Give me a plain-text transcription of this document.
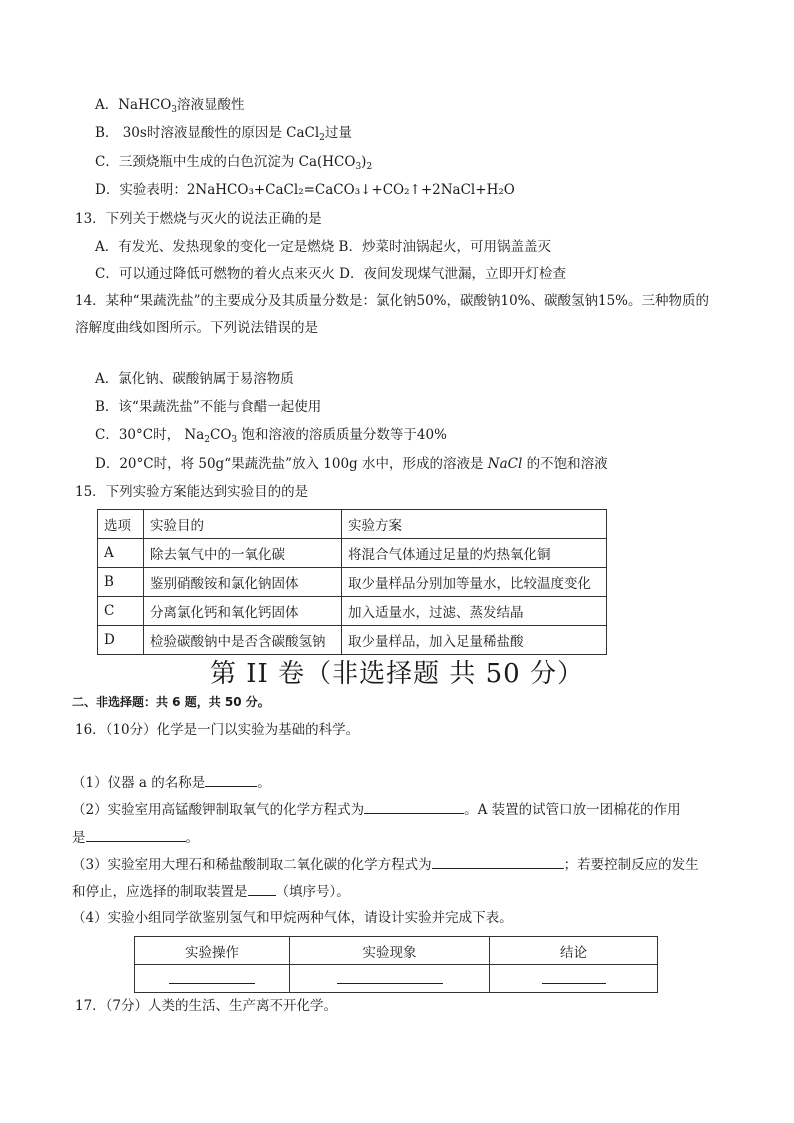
A．NaHCO$_3$溶液显酸性
B． 30s时溶液显酸性的原因是 CaCl$_2$过量
C．三颈烧瓶中生成的白色沉淀为 $Ca(HCO_3)_2$
D．实验表明：2NaHCO₃+CaCl₂=CaCO₃↓+CO₂↑+2NaCl+H₂O
13．下列关于燃烧与灭火的说法正确的是
A．有发光、发热现象的变化一定是燃烧 B．炒菜时油锅起火，可用锅盖盖灭
C．可以通过降低可燃物的着火点来灭火 D．夜间发现煤气泄漏，立即开灯检查
14．某种“果蔬洗盐”的主要成分及其质量分数是：氯化钠50%，碳酸钠10%、碳酸氢钠15%。三种物质的
溶解度曲线如图所示。下列说法错误的是
A．氯化钠、碳酸钠属于易溶物质
B．该“果蔬洗盐”不能与食醋一起使用
C．30°C时， $Na_2CO_3$ 饱和溶液的溶质质量分数等于40%
D．20°C时，将 50g“果蔬洗盐”放入 100g 水中，形成的溶液是 NaCl 的不饱和溶液
15．下列实验方案能达到实验目的的是
选项	实验目的	实验方案
A	除去氧气中的一氧化碳	将混合气体通过足量的灼热氧化铜
B	鉴别硝酸铵和氯化钠固体	取少量样品分别加等量水，比较温度变化
C	分离氯化钙和氧化钙固体	加入适量水，过滤、蒸发结晶
D	检验碳酸钠中是否含碳酸氢钠	取少量样品，加入足量稀盐酸
第 II 卷（非选择题 共 50 分）
二、非选择题：共 6 题，共 50 分。
16．（10分）化学是一门以实验为基础的科学。
（1）仪器 a 的名称是	。
（2）实验室用高锰酸钾制取氧气的化学方程式为	。A 装置的试管口放一团棉花的作用
是	。
（3）实验室用大理石和稀盐酸制取二氧化碳的化学方程式为	；若要控制反应的发生
和停止，应选择的制取装置是 （填序号）。
（4）实验小组同学欲鉴别氢气和甲烷两种气体，请设计实验并完成下表。
实验操作	实验现象	结论

17．（7分）人类的生活、生产离不开化学。
